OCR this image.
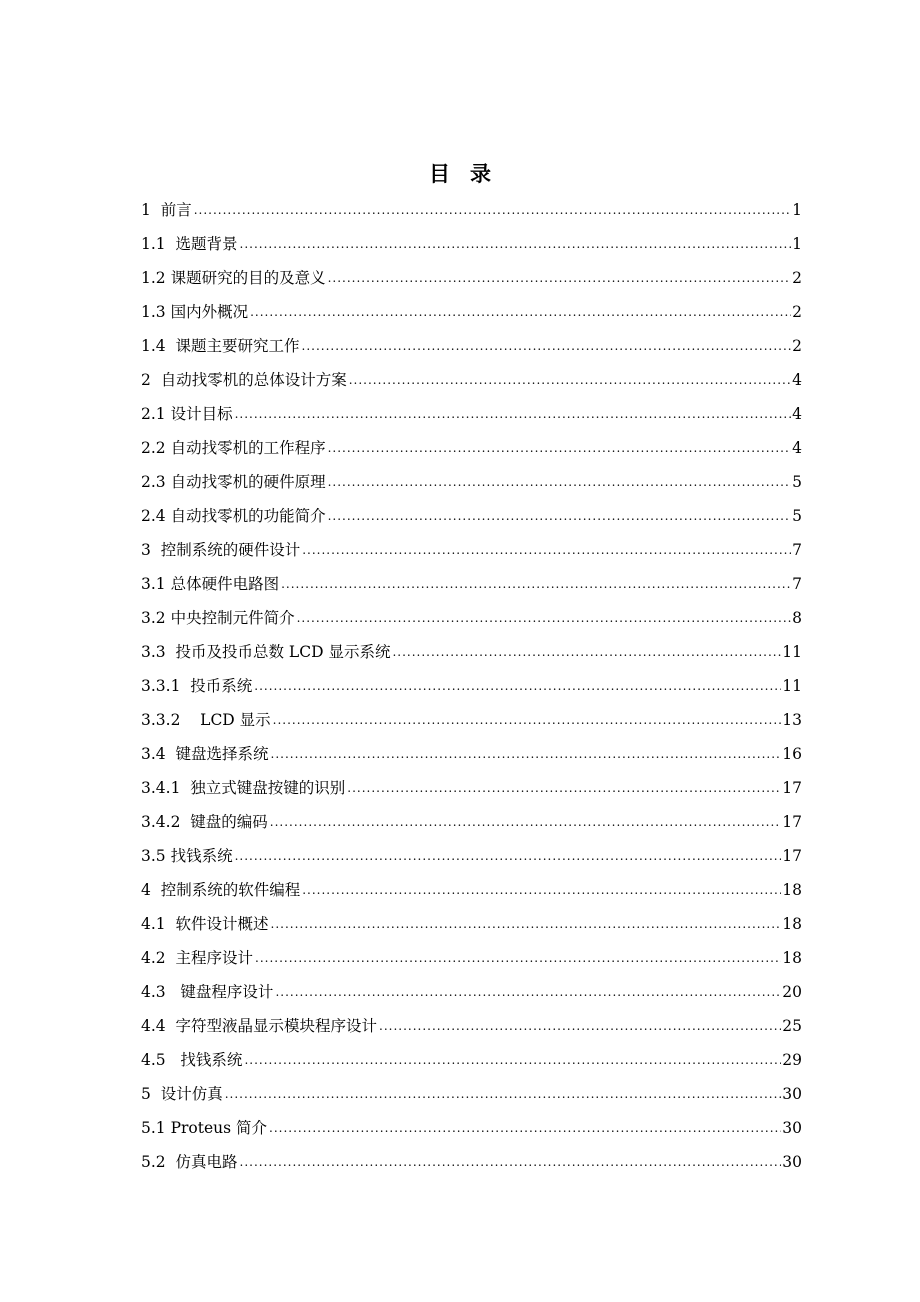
目 录
1  前言 .....	1
1.1  选题背景 .....	1
1.2 课题研究的目的及意义 .....	2
1.3 国内外概况 .....	2
1.4  课题主要研究工作 .....	2
2  自动找零机的总体设计方案 .....	4
2.1 设计目标 .....	4
2.2 自动找零机的工作程序 .....	4
2.3 自动找零机的硬件原理 .....	5
2.4 自动找零机的功能简介 .....	5
3  控制系统的硬件设计 .....	7
3.1 总体硬件电路图 .....	7
3.2 中央控制元件简介 .....	8
3.3  投币及投币总数 LCD 显示系统 .....	11
3.3.1  投币系统 .....	11
3.3.2    LCD 显示 .....	13
3.4  键盘选择系统 .....	16
3.4.1  独立式键盘按键的识别 .....	17
3.4.2  键盘的编码 .....	17
3.5 找钱系统 .....	17
4  控制系统的软件编程 .....	18
4.1  软件设计概述 .....	18
4.2  主程序设计 .....	18
4.3   键盘程序设计 .....	20
4.4  字符型液晶显示模块程序设计 .....	25
4.5   找钱系统 .....	29
5  设计仿真 .....	30
5.1 Proteus 简介 .....	30
5.2  仿真电路 .....	30
